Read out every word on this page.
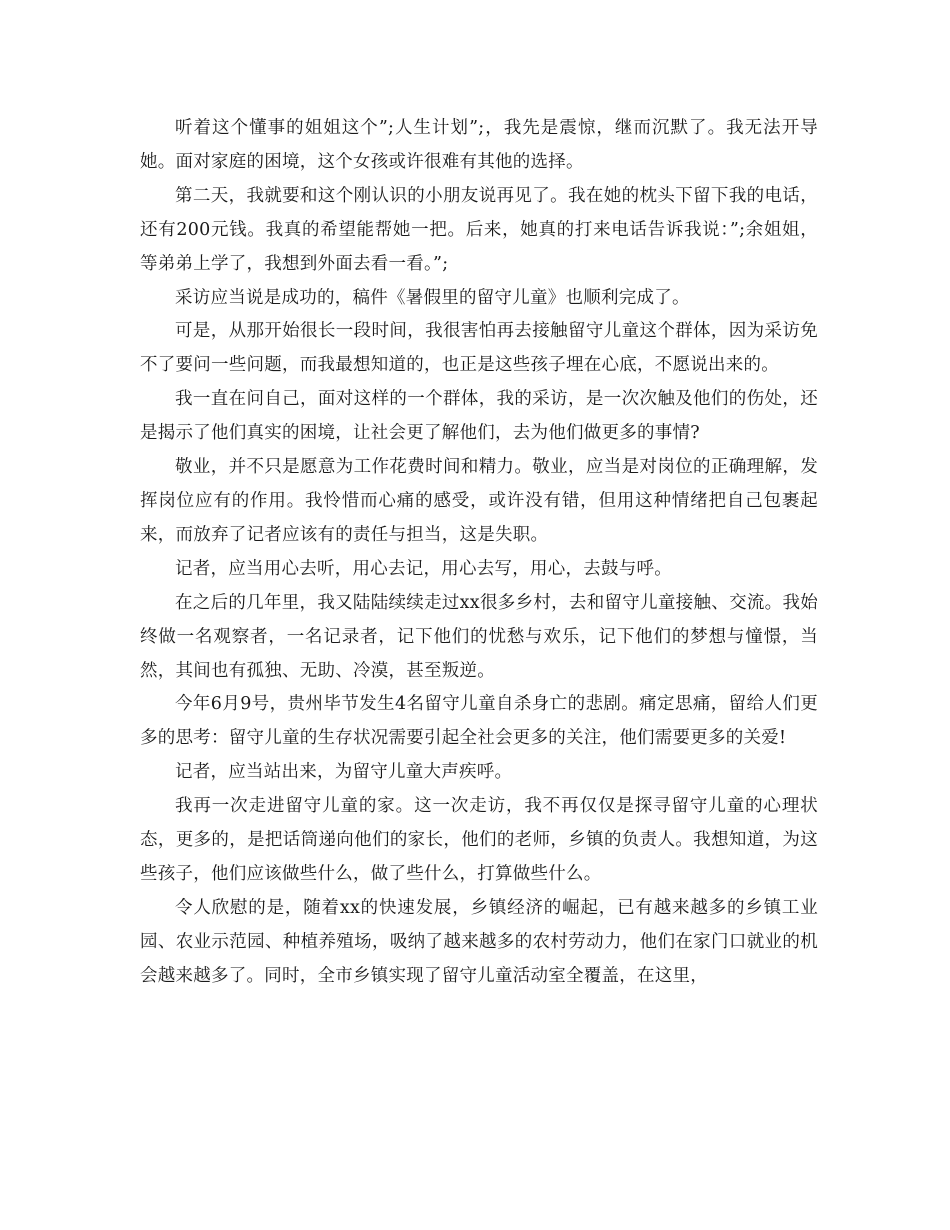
听着这个懂事的姐姐这个”;人生计划”;，我先是震惊，继而沉默了。我无法开导她。面对家庭的困境，这个女孩或许很难有其他的选择。

第二天，我就要和这个刚认识的小朋友说再见了。我在她的枕头下留下我的电话，还有200元钱。我真的希望能帮她一把。后来，她真的打来电话告诉我说：”;余姐姐，等弟弟上学了，我想到外面去看一看。”;

采访应当说是成功的，稿件《暑假里的留守儿童》也顺利完成了。

可是，从那开始很长一段时间，我很害怕再去接触留守儿童这个群体，因为采访免不了要问一些问题，而我最想知道的，也正是这些孩子埋在心底，不愿说出来的。

我一直在问自己，面对这样的一个群体，我的采访，是一次次触及他们的伤处，还是揭示了他们真实的困境，让社会更了解他们，去为他们做更多的事情?

敬业，并不只是愿意为工作花费时间和精力。敬业，应当是对岗位的正确理解，发挥岗位应有的作用。我怜惜而心痛的感受，或许没有错，但用这种情绪把自己包裹起来，而放弃了记者应该有的责任与担当，这是失职。

记者，应当用心去听，用心去记，用心去写，用心，去鼓与呼。

在之后的几年里，我又陆陆续续走过xx很多乡村，去和留守儿童接触、交流。我始终做一名观察者，一名记录者，记下他们的忧愁与欢乐，记下他们的梦想与憧憬，当然，其间也有孤独、无助、冷漠，甚至叛逆。

今年6月9号，贵州毕节发生4名留守儿童自杀身亡的悲剧。痛定思痛，留给人们更多的思考：留守儿童的生存状况需要引起全社会更多的关注，他们需要更多的关爱!

记者，应当站出来，为留守儿童大声疾呼。

我再一次走进留守儿童的家。这一次走访，我不再仅仅是探寻留守儿童的心理状态，更多的，是把话筒递向他们的家长，他们的老师，乡镇的负责人。我想知道，为这些孩子，他们应该做些什么，做了些什么，打算做些什么。

令人欣慰的是，随着xx的快速发展，乡镇经济的崛起，已有越来越多的乡镇工业园、农业示范园、种植养殖场，吸纳了越来越多的农村劳动力，他们在家门口就业的机会越来越多了。同时，全市乡镇实现了留守儿童活动室全覆盖，在这里，
